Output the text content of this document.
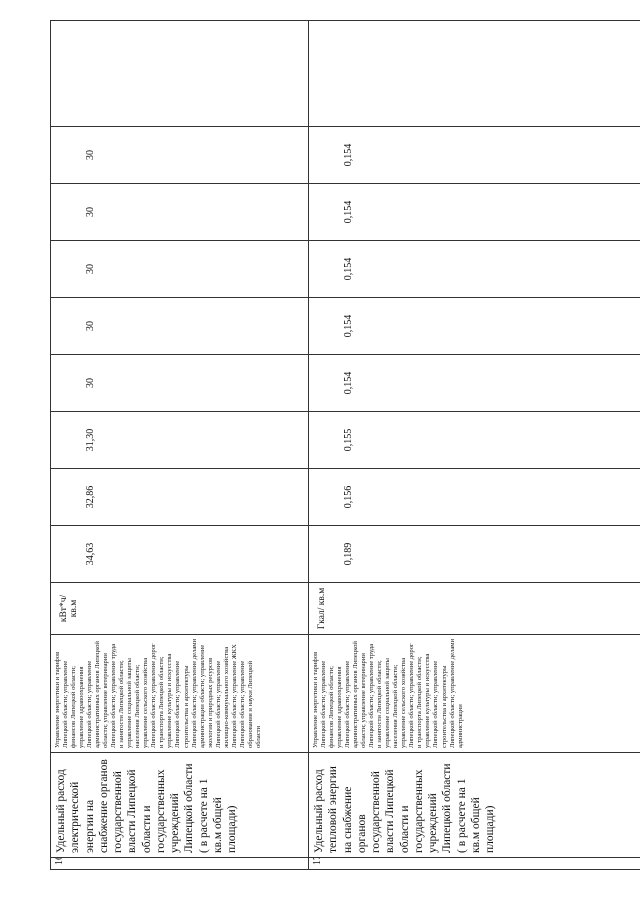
16.	Удельный расход электрической энергии на снабжение органов государственной власти Липецкой области и государственных учреждений Липецкой области ( в расчете на 1 кв.м общей площади)	Управление энергетики и тарифов Липецкой области; управление финансов Липецкой области; управление здравоохранения Липецкой области; управление административных органов Липецкой области; управление ветеринарии Липецкой области; управление труда и занятости Липецкой области; управление социальной защиты населения Липецкой области; управление сельского хозяйства Липецкой области; управление дорог и транспорта Липецкой области; управление культуры и искусства Липецкой области; управление строительства и архитектуры Липецкой области; управление делами администрации области; управление экологии и природных ресурсов Липецкой области; управление жилищно-коммунального хозяйства Липецкой области; управление ЖКХ Липецкой области; управление образования и науки Липецкой области	кВт*ч/ кв.м	34,63	32,86	31,30	30	30	30	30	30	
17.	Удельный расход тепловой энергии на снабжение органов государственной власти Липецкой области и государственных учреждений Липецкой области ( в расчете на 1 кв.м общей площади)	Управление энергетики и тарифов Липецкой области; управление финансов Липецкой области; управление здравоохранения Липецкой области; управление административных органов Липецкой области; управление ветеринарии Липецкой области; управление труда и занятости Липецкой области; управление социальной защиты населения Липецкой области; управление сельского хозяйства Липецкой области; управление дорог и транспорта Липецкой области; управление культуры и искусства Липецкой области; управление строительства и архитектуры Липецкой области; управление делами администрации	Гкал/ кв.м	0,189	0,156	0,155	0,154	0,154	0,154	0,154	0,154	
